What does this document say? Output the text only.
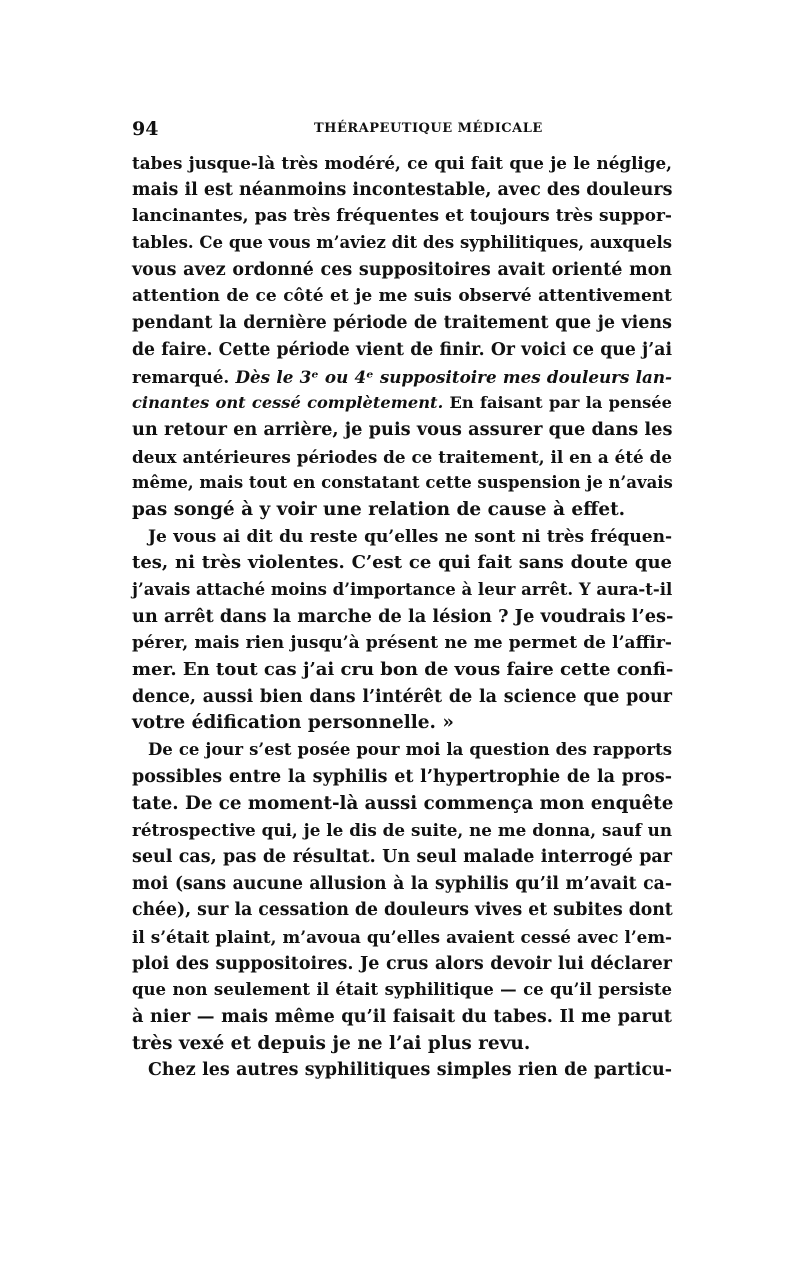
94	THÉRAPEUTIQUE MÉDICALE
tabes jusque-là très modéré, ce qui fait que je le néglige,
mais il est néanmoins incontestable, avec des douleurs
lancinantes, pas très fréquentes et toujours très suppor-
tables. Ce que vous m’aviez dit des syphilitiques, auxquels
vous avez ordonné ces suppositoires avait orienté mon
attention de ce côté et je me suis observé attentivement
pendant la dernière période de traitement que je viens
de faire. Cette période vient de finir. Or voici ce que j’ai
remarqué. Dès le 3ᵉ ou 4ᵉ suppositoire mes douleurs lan-
cinantes ont cessé complètement. En faisant par la pensée
un retour en arrière, je puis vous assurer que dans les
deux antérieures périodes de ce traitement, il en a été de
même, mais tout en constatant cette suspension je n’avais
pas songé à y voir une relation de cause à effet.
Je vous ai dit du reste qu’elles ne sont ni très fréquen-
tes, ni très violentes. C’est ce qui fait sans doute que
j’avais attaché moins d’importance à leur arrêt. Y aura-t-il
un arrêt dans la marche de la lésion ? Je voudrais l’es-
pérer, mais rien jusqu’à présent ne me permet de l’affir-
mer. En tout cas j’ai cru bon de vous faire cette confi-
dence, aussi bien dans l’intérêt de la science que pour
votre édification personnelle. »
De ce jour s’est posée pour moi la question des rapports
possibles entre la syphilis et l’hypertrophie de la pros-
tate. De ce moment-là aussi commença mon enquête
rétrospective qui, je le dis de suite, ne me donna, sauf un
seul cas, pas de résultat. Un seul malade interrogé par
moi (sans aucune allusion à la syphilis qu’il m’avait ca-
chée), sur la cessation de douleurs vives et subites dont
il s’était plaint, m’avoua qu’elles avaient cessé avec l’em-
ploi des suppositoires. Je crus alors devoir lui déclarer
que non seulement il était syphilitique — ce qu’il persiste
à nier — mais même qu’il faisait du tabes. Il me parut
très vexé et depuis je ne l’ai plus revu.
Chez les autres syphilitiques simples rien de particu-
